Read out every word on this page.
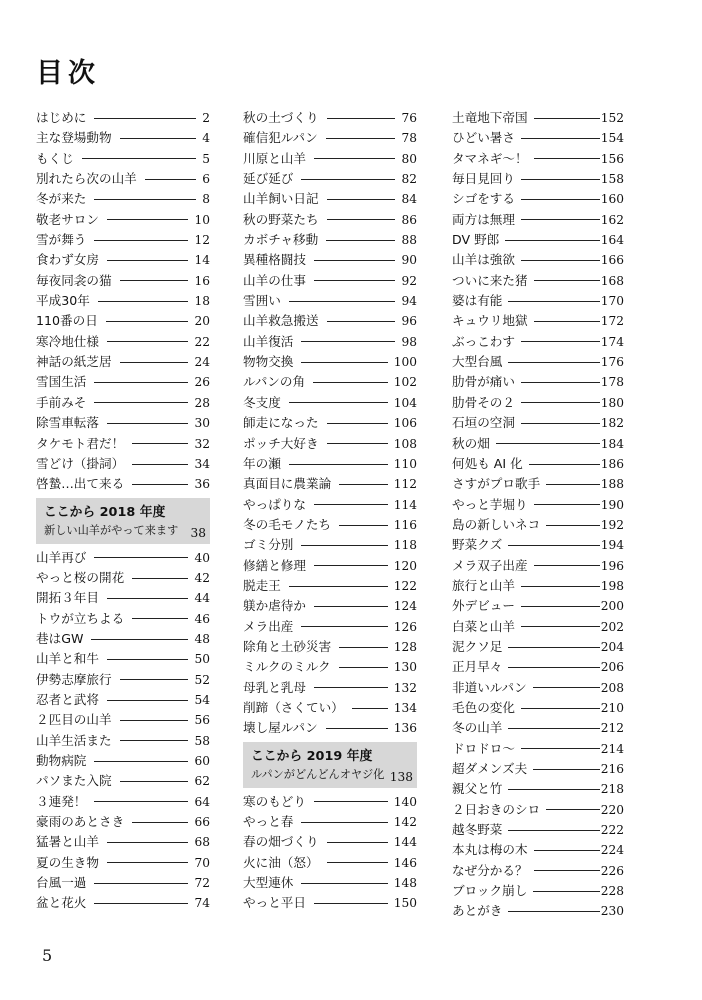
目次
はじめに	2
主な登場動物	4
もくじ	5
別れたら次の山羊	6
冬が来た	8
敬老サロン	10
雪が舞う	12
食わず女房	14
毎夜同衾の猫	16
平成30年	18
110番の日	20
寒冷地仕様	22
神話の紙芝居	24
雪国生活	26
手前みそ	28
除雪車転落	30
タケモト君だ！	32
雪どけ（掛詞）	34
啓蟄…出て来る	36
ここから 2018 年度
新しい山羊がやって来ます	38
山羊再び	40
やっと桜の開花	42
開拓３年目	44
トウが立ちよる	46
巷はGW	48
山羊と和牛	50
伊勢志摩旅行	52
忍者と武将	54
２匹目の山羊	56
山羊生活また	58
動物病院	60
パソまた入院	62
３連発！	64
豪雨のあとさき	66
猛暑と山羊	68
夏の生き物	70
台風一過	72
盆と花火	74
秋の土づくり	76
確信犯ルパン	78
川原と山羊	80
延び延び	82
山羊飼い日記	84
秋の野菜たち	86
カボチャ移動	88
異種格闘技	90
山羊の仕事	92
雪囲い	94
山羊救急搬送	96
山羊復活	98
物物交換	100
ルパンの角	102
冬支度	104
師走になった	106
ポッチ大好き	108
年の瀬	110
真面目に農業論	112
やっぱりな	114
冬の毛モノたち	116
ゴミ分別	118
修繕と修理	120
脱走王	122
躾か虐待か	124
メラ出産	126
除角と土砂災害	128
ミルクのミルク	130
母乳と乳母	132
削蹄（さくてい）	134
壊し屋ルパン	136
ここから 2019 年度
ルパンがどんどんオヤジ化 138
寒のもどり	140
やっと春	142
春の畑づくり	144
火に油（怒）	146
大型連休	148
やっと平日	150
土竜地下帝国	152
ひどい暑さ	154
タマネギ～！	156
毎日見回り	158
シゴをする	160
両方は無理	162
DV 野郎	164
山羊は強欲	166
ついに来た猪	168
婆は有能	170
キュウリ地獄	172
ぶっこわす	174
大型台風	176
肋骨が痛い	178
肋骨その２	180
石垣の空洞	182
秋の畑	184
何処も AI 化	186
さすがプロ歌手	188
やっと芋堀り	190
島の新しいネコ	192
野菜クズ	194
メラ双子出産	196
旅行と山羊	198
外デビュー	200
白菜と山羊	202
泥クソ足	204
正月早々	206
非道いルパン	208
毛色の変化	210
冬の山羊	212
ドロドロ～	214
超ダメンズ夫	216
親父と竹	218
２日おきのシロ	220
越冬野菜	222
本丸は梅の木	224
なぜ分かる？	226
ブロック崩し	228
あとがき	230
5
